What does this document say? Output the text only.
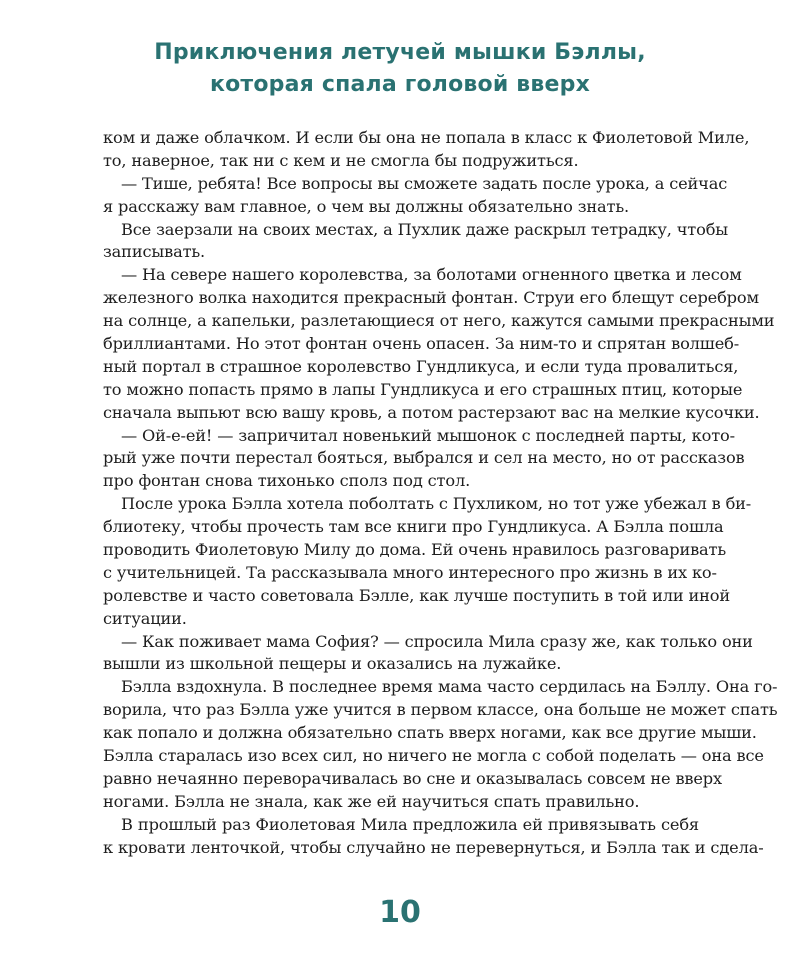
Приключения летучей мышки Бэллы,
которая спала головой вверх

ком и даже облачком. И если бы она не попала в класс к Фиолетовой Миле,
то, наверное, так ни с кем и не смогла бы подружиться.

— Тише, ребята! Все вопросы вы сможете задать после урока, а сейчас
я расскажу вам главное, о чем вы должны обязательно знать.

Все заерзали на своих местах, а Пухлик даже раскрыл тетрадку, чтобы
записывать.

— На севере нашего королевства, за болотами огненного цветка и лесом
железного волка находится прекрасный фонтан. Струи его блещут серебром
на солнце, а капельки, разлетающиеся от него, кажутся самыми прекрасными
бриллиантами. Но этот фонтан очень опасен. За ним-то и спрятан волшеб-
ный портал в страшное королевство Гундликуса, и если туда провалиться,
то можно попасть прямо в лапы Гундликуса и его страшных птиц, которые
сначала выпьют всю вашу кровь, а потом растерзают вас на мелкие кусочки.

— Ой-е-ей! — запричитал новенький мышонок с последней парты, кото-
рый уже почти перестал бояться, выбрался и сел на место, но от рассказов
про фонтан снова тихонько сполз под стол.

После урока Бэлла хотела поболтать с Пухликом, но тот уже убежал в би-
блиотеку, чтобы прочесть там все книги про Гундликуса. А Бэлла пошла
проводить Фиолетовую Милу до дома. Ей очень нравилось разговаривать
с учительницей. Та рассказывала много интересного про жизнь в их ко-
ролевстве и часто советовала Бэлле, как лучше поступить в той или иной
ситуации.

— Как поживает мама София? — спросила Мила сразу же, как только они
вышли из школьной пещеры и оказались на лужайке.

Бэлла вздохнула. В последнее время мама часто сердилась на Бэллу. Она го-
ворила, что раз Бэлла уже учится в первом классе, она больше не может спать
как попало и должна обязательно спать вверх ногами, как все другие мыши.
Бэлла старалась изо всех сил, но ничего не могла с собой поделать — она все
равно нечаянно переворачивалась во сне и оказывалась совсем не вверх
ногами. Бэлла не знала, как же ей научиться спать правильно.

В прошлый раз Фиолетовая Мила предложила ей привязывать себя
к кровати ленточкой, чтобы случайно не перевернуться, и Бэлла так и сдела-

10
